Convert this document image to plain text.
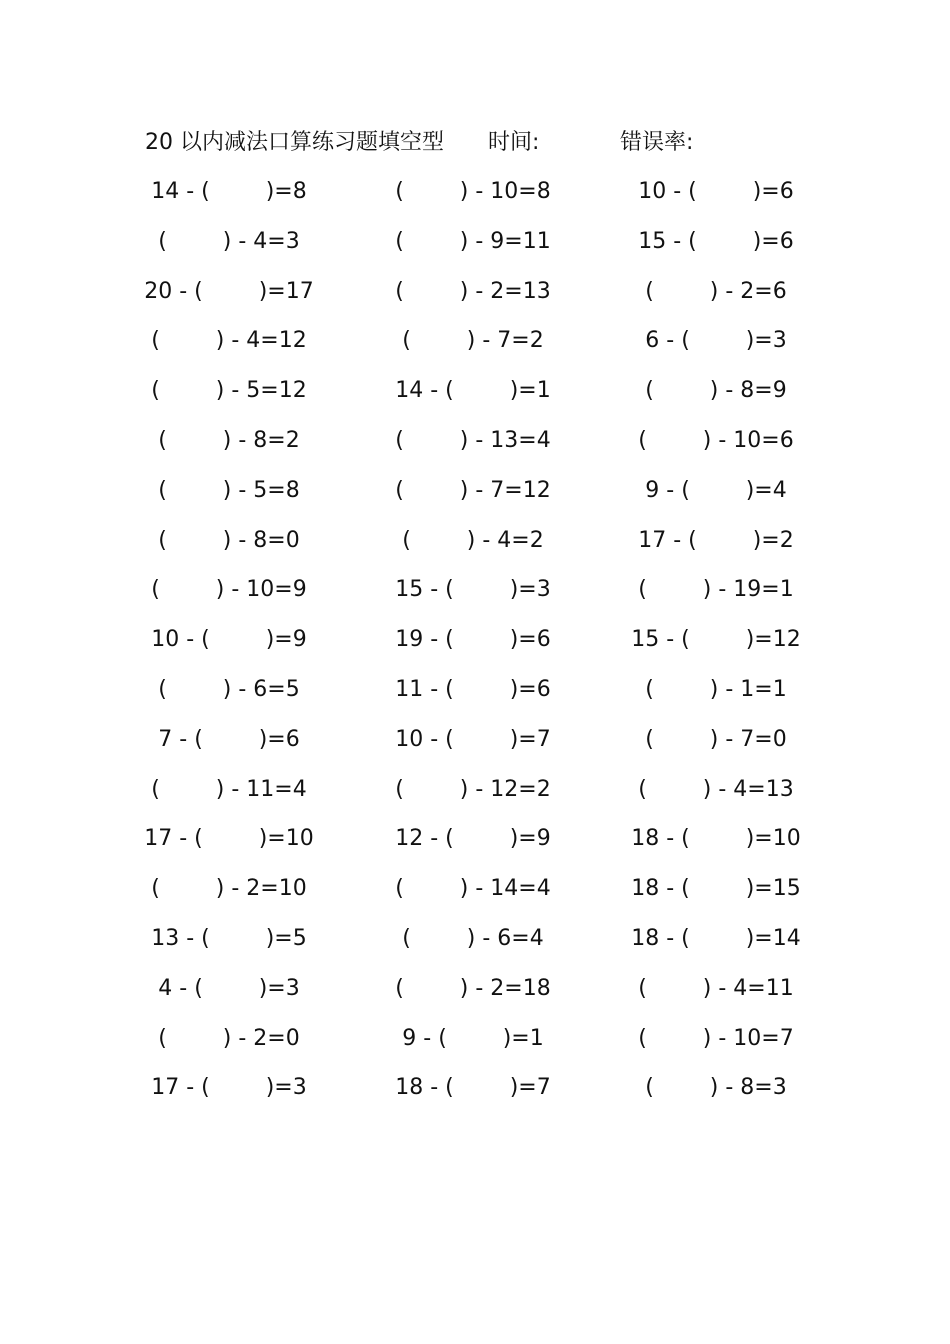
20 以内减法口算练习题填空型 时间:	错误率:
14 - (        )=8	(        ) - 10=8	10 - (        )=6
(        ) - 4=3	(        ) - 9=11	15 - (        )=6
20 - (        )=17	(        ) - 2=13	(        ) - 2=6
(        ) - 4=12	(        ) - 7=2	6 - (        )=3
(        ) - 5=12	14 - (        )=1	(        ) - 8=9
(        ) - 8=2	(        ) - 13=4	(        ) - 10=6
(        ) - 5=8	(        ) - 7=12	9 - (        )=4
(        ) - 8=0	(        ) - 4=2	17 - (        )=2
(        ) - 10=9	15 - (        )=3	(        ) - 19=1
10 - (        )=9	19 - (        )=6	15 - (        )=12
(        ) - 6=5	11 - (        )=6	(        ) - 1=1
7 - (        )=6	10 - (        )=7	(        ) - 7=0
(        ) - 11=4	(        ) - 12=2	(        ) - 4=13
17 - (        )=10	12 - (        )=9	18 - (        )=10
(        ) - 2=10	(        ) - 14=4	18 - (        )=15
13 - (        )=5	(        ) - 6=4	18 - (        )=14
4 - (        )=3	(        ) - 2=18	(        ) - 4=11
(        ) - 2=0	9 - (        )=1	(        ) - 10=7
17 - (        )=3	18 - (        )=7	(        ) - 8=3
